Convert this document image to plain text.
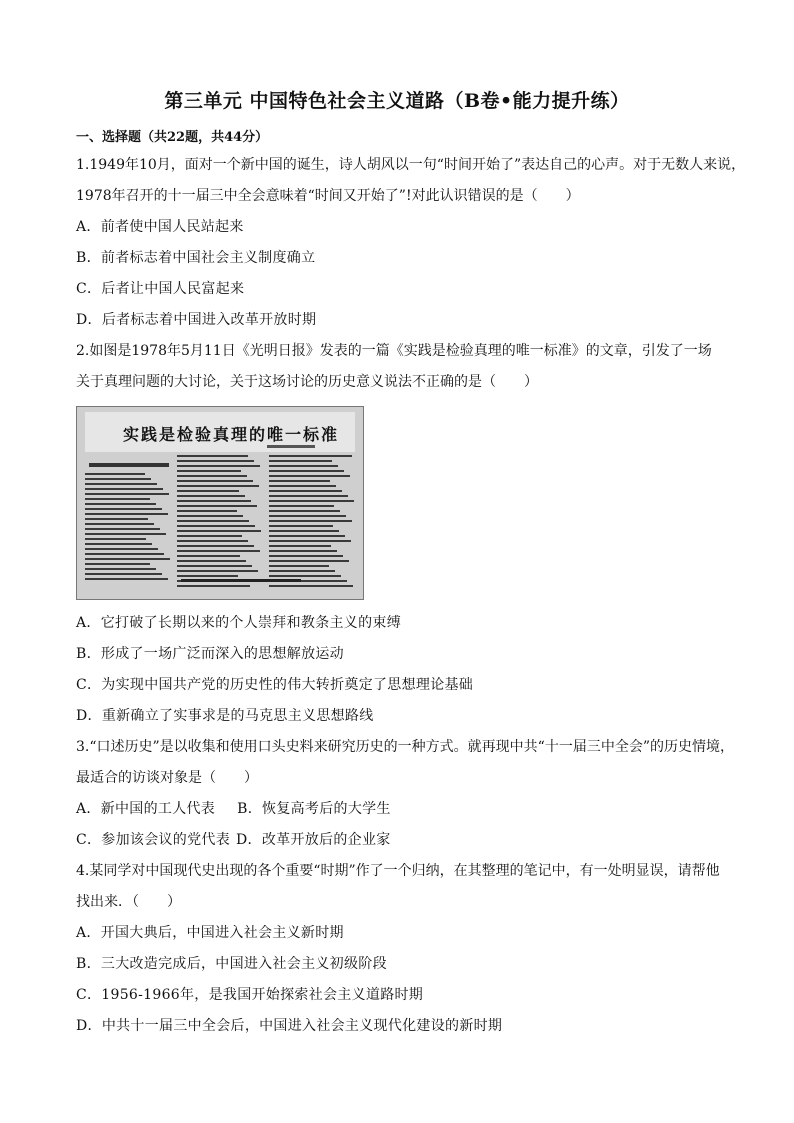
第三单元 中国特色社会主义道路（B卷•能力提升练）
一、选择题（共22题，共44分）
1.1949年10月，面对一个新中国的诞生，诗人胡风以一句“时间开始了”表达自己的心声。对于无数人来说，
1978年召开的十一届三中全会意味着“时间又开始了”!对此认识错误的是（　　）
A．前者使中国人民站起来
B．前者标志着中国社会主义制度确立
C．后者让中国人民富起来
D．后者标志着中国进入改革开放时期
2.如图是1978年5月11日《光明日报》发表的一篇《实践是检验真理的唯一标准》的文章，引发了一场
关于真理问题的大讨论，关于这场讨论的历史意义说法不正确的是（　　）
实践是检验真理的唯一标准
A．它打破了长期以来的个人崇拜和教条主义的束缚
B．形成了一场广泛而深入的思想解放运动
C．为实现中国共产党的历史性的伟大转折奠定了思想理论基础
D．重新确立了实事求是的马克思主义思想路线
3.“口述历史”是以收集和使用口头史料来研究历史的一种方式。就再现中共“十一届三中全会”的历史情境，
最适合的访谈对象是（　　）
A．新中国的工人代表 B．恢复高考后的大学生
C．参加该会议的党代表 D．改革开放后的企业家
4.某同学对中国现代史出现的各个重要“时期”作了一个归纳，在其整理的笔记中，有一处明显误，请帮他
找出来．（　　）
A．开国大典后，中国进入社会主义新时期
B．三大改造完成后，中国进入社会主义初级阶段
C．1956-1966年，是我国开始探索社会主义道路时期
D．中共十一届三中全会后，中国进入社会主义现代化建设的新时期
